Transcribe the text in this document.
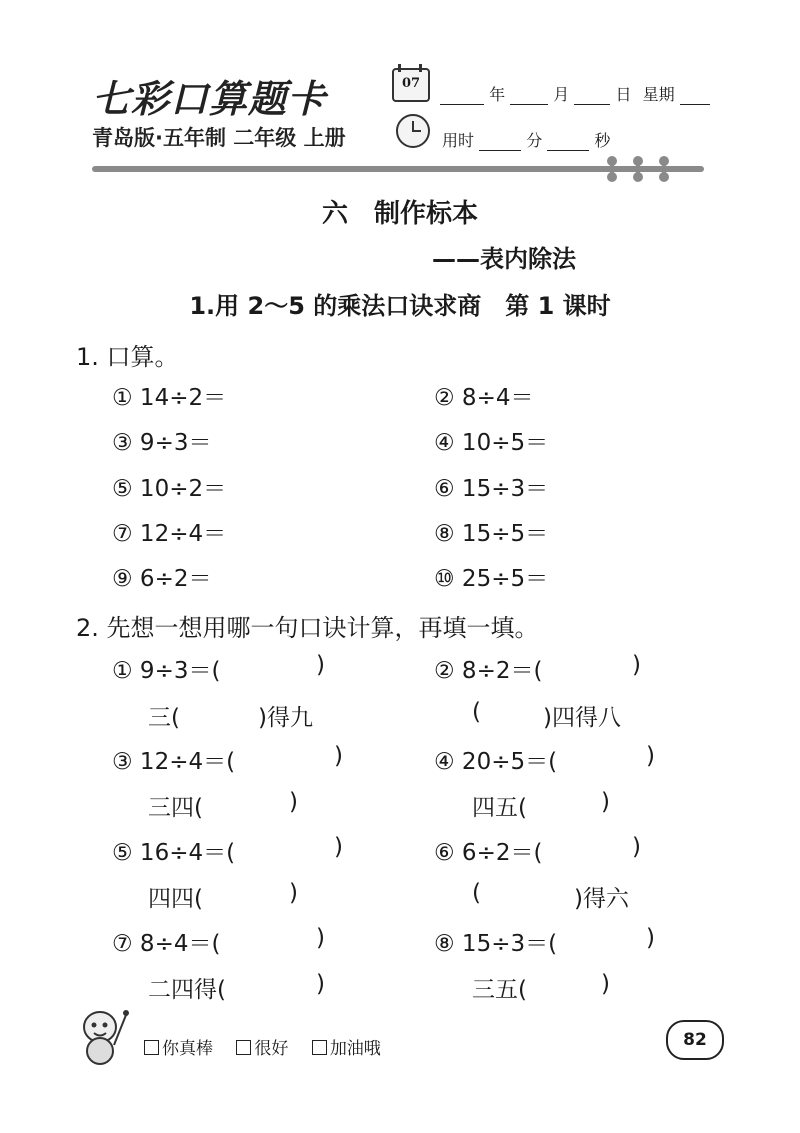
七彩口算题卡
青岛版·五年制 二年级 上册
07
年	月	日 星期
用时	分	秒
六　制作标本
——表内除法
1.用 2～5 的乘法口诀求商　第 1 课时
1. 口算。
① 14÷2＝	② 8÷4＝
③ 9÷3＝	④ 10÷5＝
⑤ 10÷2＝	⑥ 15÷3＝
⑦ 12÷4＝	⑧ 15÷5＝
⑨ 6÷2＝	⑩ 25÷5＝
2. 先想一想用哪一句口诀计算，再填一填。
① 9÷3＝(	)	② 8÷2＝(	)
三(	)得九	(	)四得八
③ 12÷4＝(	)	④ 20÷5＝(	)
三四(	)	四五(	)
⑤ 16÷4＝(	)	⑥ 6÷2＝(	)
四四(	)	(	)得六
⑦ 8÷4＝(	)	⑧ 15÷3＝(	)
二四得(	)	三五(	)
你真棒 很好 加油哦	82
